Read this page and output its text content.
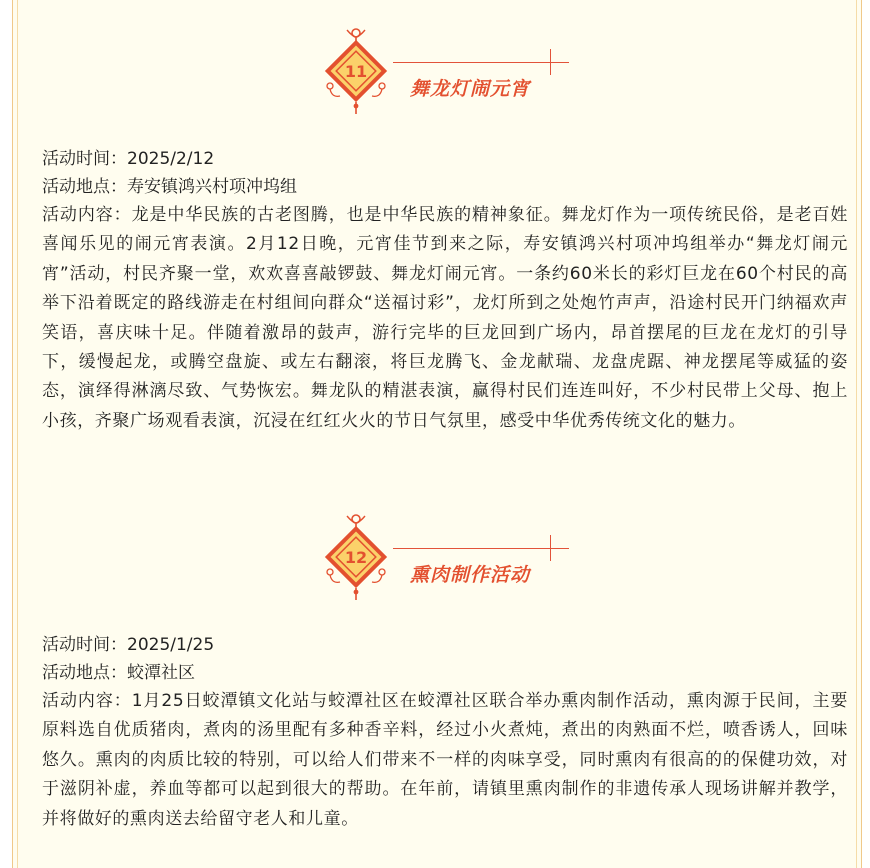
11
舞龙灯闹元宵

活动时间：2025/2/12

活动地点：寿安镇鸿兴村项冲坞组

活动内容：龙是中华民族的古老图腾，也是中华民族的精神象征。舞龙灯作为一项传统民俗，是老百姓喜闻乐见的闹元宵表演。2月12日晚，元宵佳节到来之际，寿安镇鸿兴村项冲坞组举办“舞龙灯闹元宵”活动，村民齐聚一堂，欢欢喜喜敲锣鼓、舞龙灯闹元宵。一条约60米长的彩灯巨龙在60个村民的高举下沿着既定的路线游走在村组间向群众“送福讨彩”，龙灯所到之处炮竹声声，沿途村民开门纳福欢声笑语，喜庆味十足。伴随着激昂的鼓声，游行完毕的巨龙回到广场内，昂首摆尾的巨龙在龙灯的引导下，缓慢起龙，或腾空盘旋、或左右翻滚，将巨龙腾飞、金龙献瑞、龙盘虎踞、神龙摆尾等威猛的姿态，演绎得淋漓尽致、气势恢宏。舞龙队的精湛表演，赢得村民们连连叫好，不少村民带上父母、抱上小孩，齐聚广场观看表演，沉浸在红红火火的节日气氛里，感受中华优秀传统文化的魅力。

12
熏肉制作活动

活动时间：2025/1/25

活动地点：蛟潭社区

活动内容：1月25日蛟潭镇文化站与蛟潭社区在蛟潭社区联合举办熏肉制作活动，熏肉源于民间，主要原料选自优质猪肉，煮肉的汤里配有多种香辛料，经过小火煮炖，煮出的肉熟面不烂，喷香诱人，回味悠久。熏肉的肉质比较的特别，可以给人们带来不一样的肉味享受，同时熏肉有很高的的保健功效，对于滋阴补虚，养血等都可以起到很大的帮助。在年前，请镇里熏肉制作的非遗传承人现场讲解并教学，并将做好的熏肉送去给留守老人和儿童。
